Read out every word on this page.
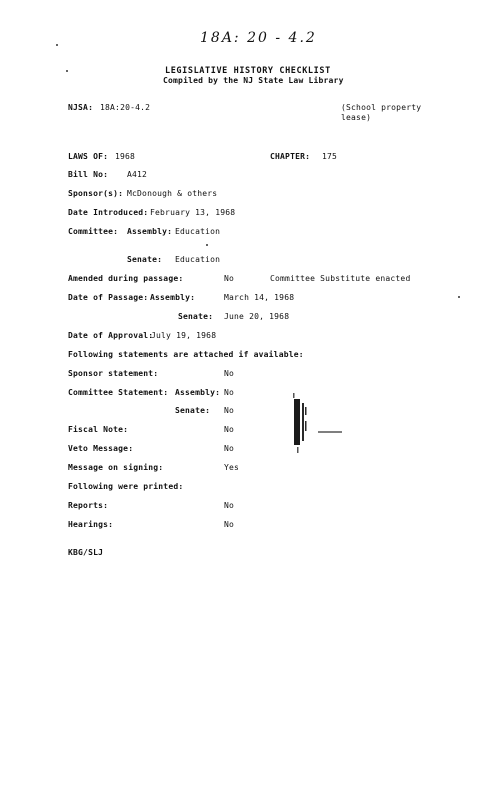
18A: 20 - 4.2
LEGISLATIVE HISTORY CHECKLIST
Compiled by the NJ State Law Library
NJSA: 18A:20-4.2	(School property
lease)
LAWS OF: 1968	CHAPTER: 175
Bill No: A412
Sponsor(s): McDonough & others
Date Introduced: February 13, 1968
Committee: Assembly: Education
Senate: Education
Amended during passage:	No	Committee Substitute enacted
Date of Passage: Assembly:	March 14, 1968
Senate: June 20, 1968
Date of Approval:
July 19, 1968
Following statements are attached if available:
Sponsor statement:	No
Committee Statement: Assembly: No
Senate: No
Fiscal Note:	No
Veto Message:	No
Message on signing:	Yes
Following were printed:
Reports:	No
Hearings:	No
KBG/SLJ
